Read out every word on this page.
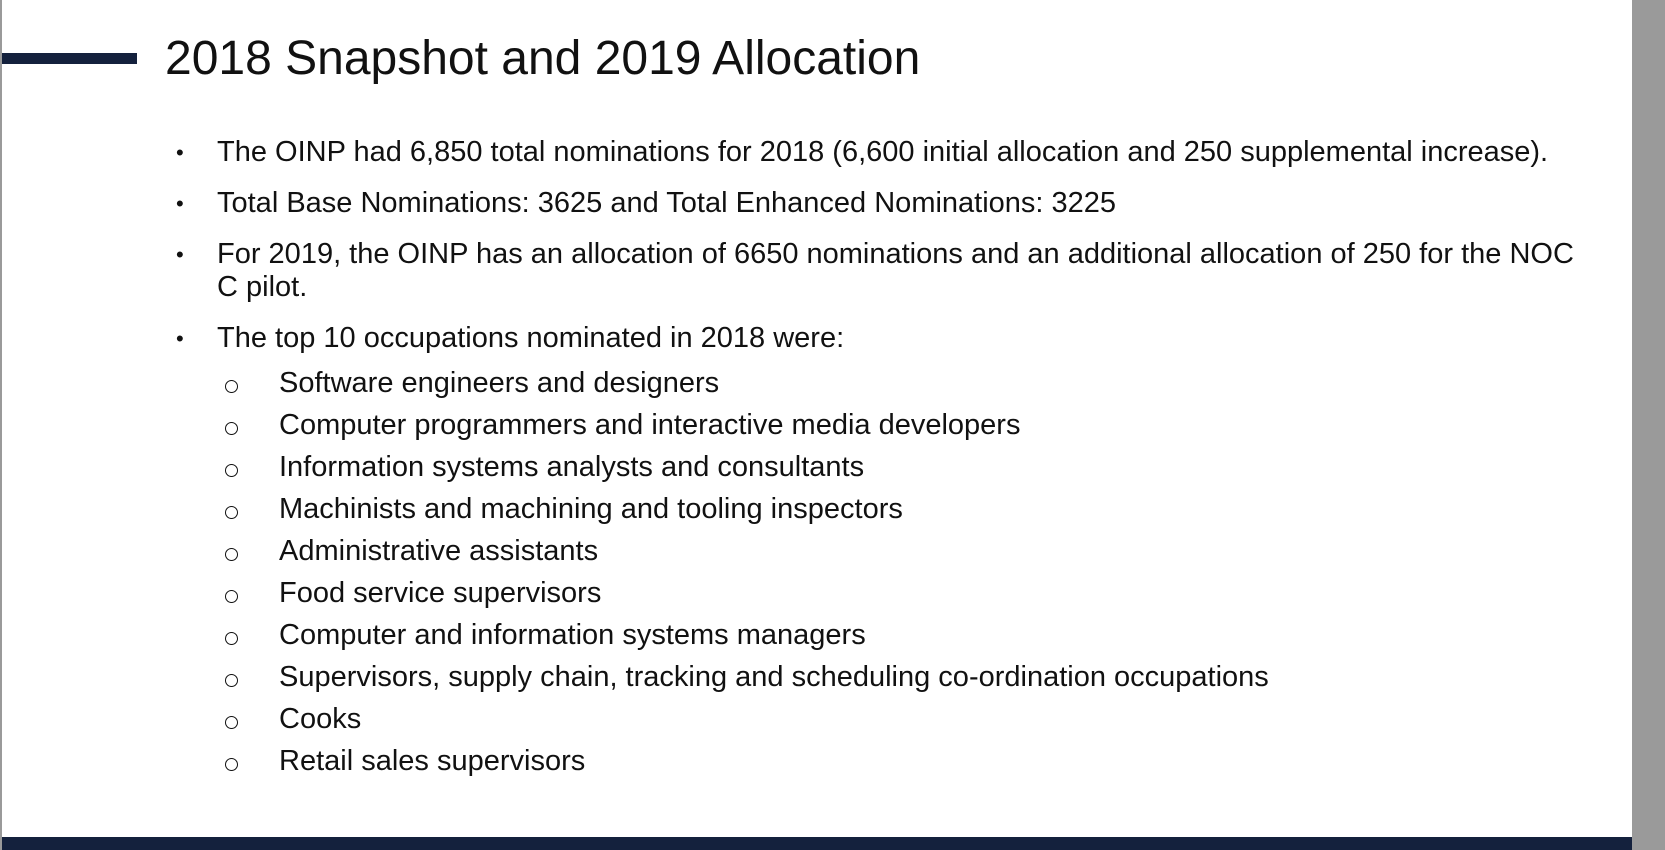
2018 Snapshot and 2019 Allocation
• The OINP had 6,850 total nominations for 2018 (6,600 initial allocation and 250 supplemental increase).
• Total Base Nominations: 3625 and Total Enhanced Nominations: 3225
• For 2019, the OINP has an allocation of 6650 nominations and an additional allocation of 250 for the NOC C pilot.
• The top 10 occupations nominated in 2018 were:
Software engineers and designers
Computer programmers and interactive media developers
Information systems analysts and consultants
Machinists and machining and tooling inspectors
Administrative assistants
Food service supervisors
Computer and information systems managers
Supervisors, supply chain, tracking and scheduling co-ordination occupations
Cooks
Retail sales supervisors
